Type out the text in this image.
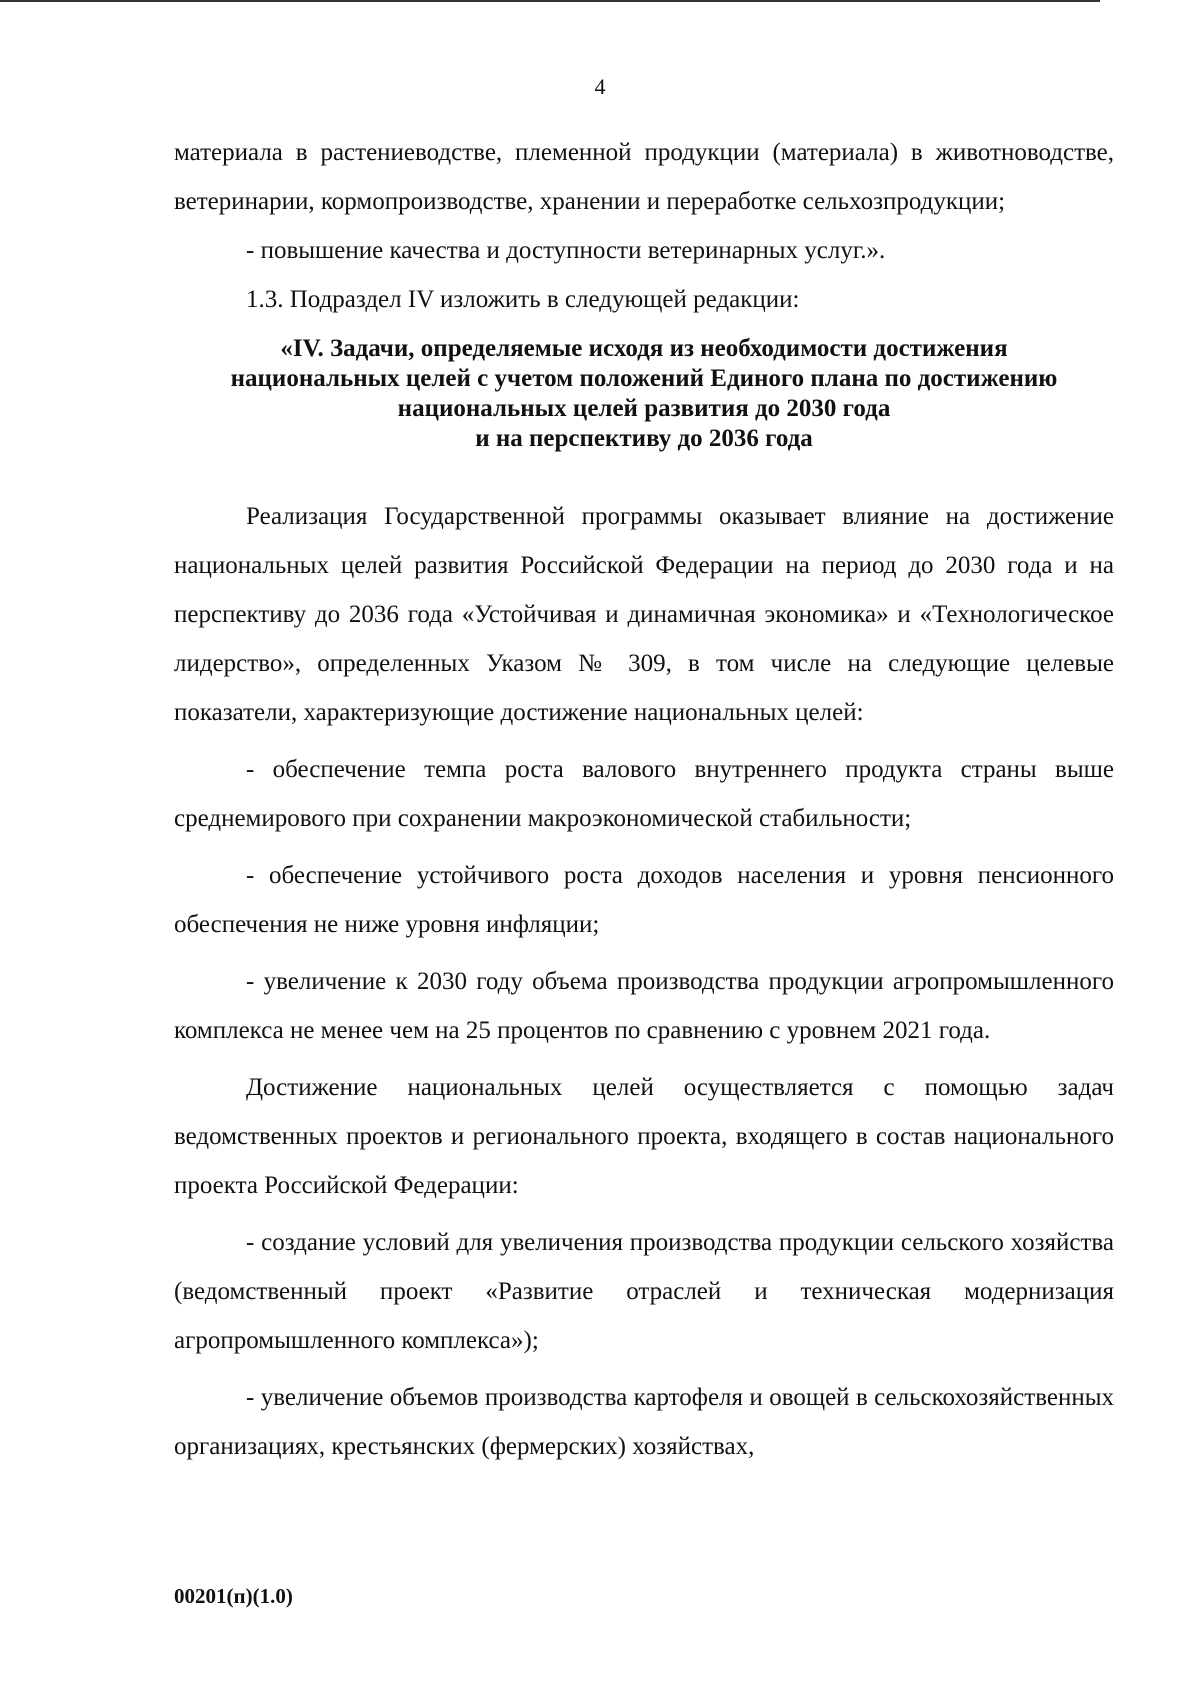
4

материала в растениеводстве, племенной продукции (материала) в животноводстве, ветеринарии, кормопроизводстве, хранении и переработке сельхозпродукции;

- повышение качества и доступности ветеринарных услуг.».

1.3. Подраздел IV изложить в следующей редакции:

«IV. Задачи, определяемые исходя из необходимости достижения
национальных целей с учетом положений Единого плана по достижению
национальных целей развития до 2030 года
и на перспективу до 2036 года

Реализация Государственной программы оказывает влияние на достижение национальных целей развития Российской Федерации на период до 2030 года и на перспективу до 2036 года «Устойчивая и динамичная экономика» и «Технологическое лидерство», определенных Указом № 309, в том числе на следующие целевые показатели, характеризующие достижение национальных целей:

- обеспечение темпа роста валового внутреннего продукта страны выше среднемирового при сохранении макроэкономической стабильности;

- обеспечение устойчивого роста доходов населения и уровня пенсионного обеспечения не ниже уровня инфляции;

- увеличение к 2030 году объема производства продукции агропромышленного комплекса не менее чем на 25 процентов по сравнению с уровнем 2021 года.

Достижение национальных целей осуществляется с помощью задач ведомственных проектов и регионального проекта, входящего в состав национального проекта Российской Федерации:

- создание условий для увеличения производства продукции сельского хозяйства (ведомственный проект «Развитие отраслей и техническая модернизация агропромышленного комплекса»);

- увеличение объемов производства картофеля и овощей в сельскохозяйственных организациях, крестьянских (фермерских) хозяйствах,

00201(п)(1.0)
